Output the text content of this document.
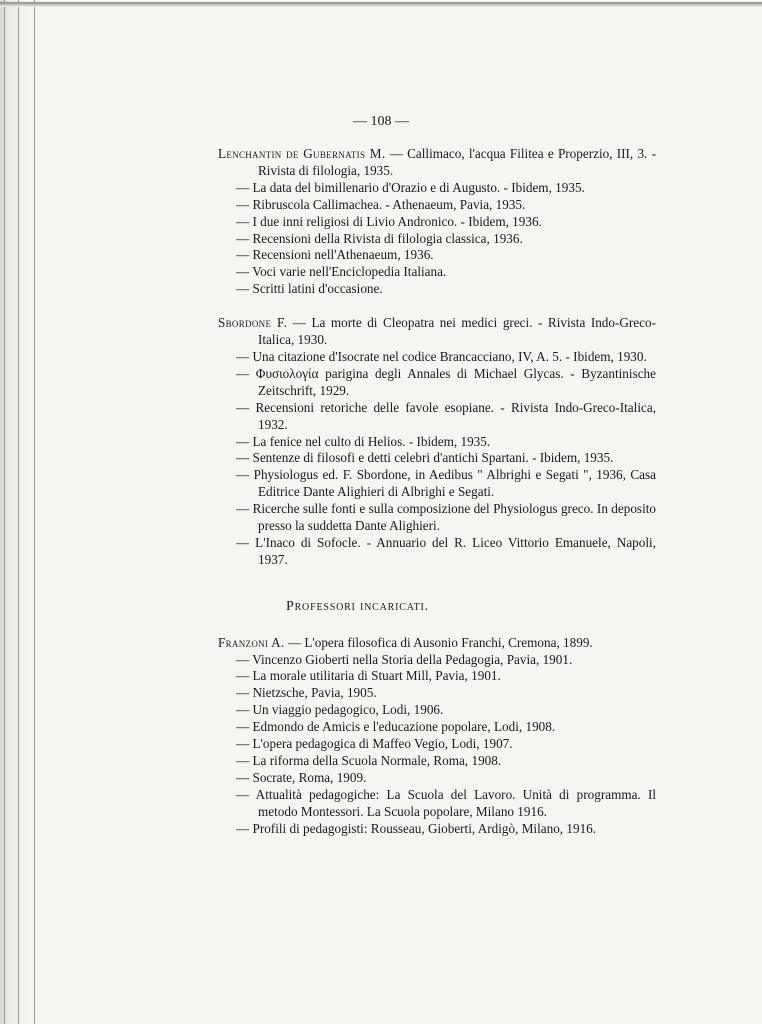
— 108 —
Lenchantin de Gubernatis M. — Callimaco, l'acqua Filitea e Properzio, III, 3. - Rivista di filologia, 1935.
— La data del bimillenario d'Orazio e di Augusto. - Ibidem, 1935.
— Ribruscola Callimachea. - Athenaeum, Pavia, 1935.
— I due inni religiosi di Livio Andronico. - Ibidem, 1936.
— Recensioni della Rivista di filologia classica, 1936.
— Recensioni nell'Athenaeum, 1936.
— Voci varie nell'Enciclopedia Italiana.
— Scritti latini d'occasione.
Sbordone F. — La morte di Cleopatra nei medici greci. - Rivista Indo-Greco-Italica, 1930.
— Una citazione d'Isocrate nel codice Brancacciano, IV, A. 5. - Ibidem, 1930.
— Φυσιολογία parigina degli Annales di Michael Glycas. - Byzantinische Zeitschrift, 1929.
— Recensioni retoriche delle favole esopiane. - Rivista Indo-Greco-Italica, 1932.
— La fenice nel culto di Helios. - Ibidem, 1935.
— Sentenze di filosofi e detti celebri d'antichi Spartani. - Ibidem, 1935.
— Physiologus ed. F. Sbordone, in Aedibus " Albrighi e Segati ", 1936, Casa Editrice Dante Alighieri di Albrighi e Segati.
— Ricerche sulle fonti e sulla composizione del Physiologus greco. In deposito presso la suddetta Dante Alighieri.
— L'Inaco di Sofocle. - Annuario del R. Liceo Vittorio Emanuele, Napoli, 1937.
Professori incaricati.
Franzoni A. — L'opera filosofica di Ausonio Franchi, Cremona, 1899.
— Vincenzo Gioberti nella Storia della Pedagogia, Pavia, 1901.
— La morale utilitaria di Stuart Mill, Pavia, 1901.
— Nietzsche, Pavia, 1905.
— Un viaggio pedagogico, Lodi, 1906.
— Edmondo de Amicis e l'educazione popolare, Lodi, 1908.
— L'opera pedagogica di Maffeo Vegio, Lodi, 1907.
— La riforma della Scuola Normale, Roma, 1908.
— Socrate, Roma, 1909.
— Attualità pedagogiche: La Scuola del Lavoro. Unità di programma. Il metodo Montessori. La Scuola popolare, Milano 1916.
— Profili di pedagogisti: Rousseau, Gioberti, Ardigò, Milano, 1916.
